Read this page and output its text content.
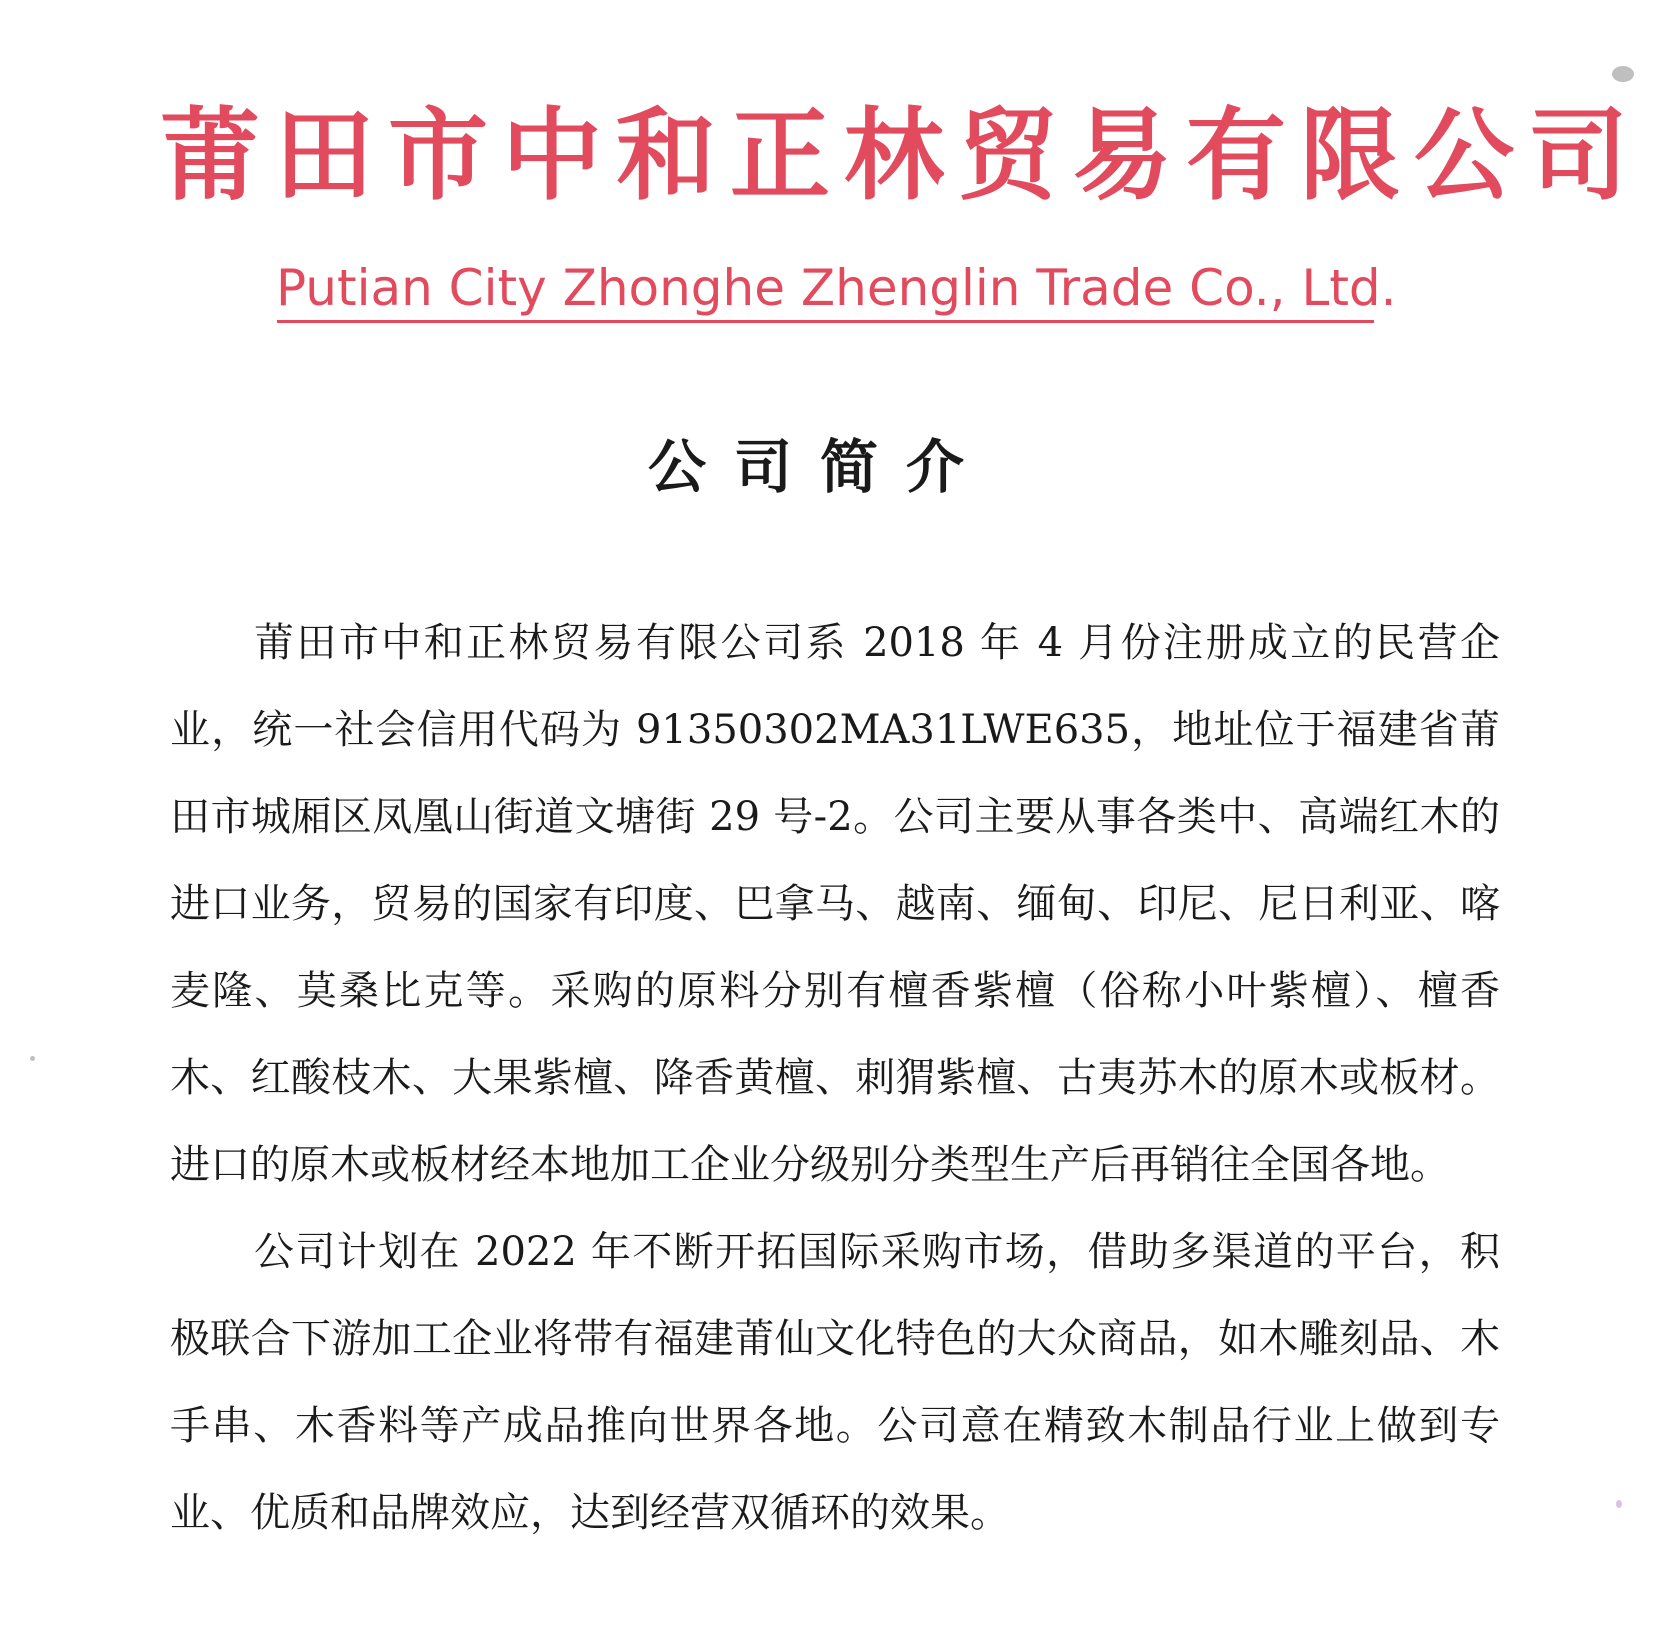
莆田市中和正林贸易有限公司
Putian City Zhonghe Zhenglin Trade Co., Ltd.
公司简介

莆田市中和正林贸易有限公司系 2018 年 4 月份注册成立的民营企业，统一社会信用代码为 91350302MA31LWE635，地址位于福建省莆田市城厢区凤凰山街道文塘街 29 号-2。公司主要从事各类中、高端红木的进口业务，贸易的国家有印度、巴拿马、越南、缅甸、印尼、尼日利亚、喀麦隆、莫桑比克等。采购的原料分别有檀香紫檀（俗称小叶紫檀）、檀香木、红酸枝木、大果紫檀、降香黄檀、刺猬紫檀、古夷苏木的原木或板材。进口的原木或板材经本地加工企业分级别分类型生产后再销往全国各地。

公司计划在 2022 年不断开拓国际采购市场，借助多渠道的平台，积极联合下游加工企业将带有福建莆仙文化特色的大众商品，如木雕刻品、木手串、木香料等产成品推向世界各地。公司意在精致木制品行业上做到专业、优质和品牌效应，达到经营双循环的效果。
